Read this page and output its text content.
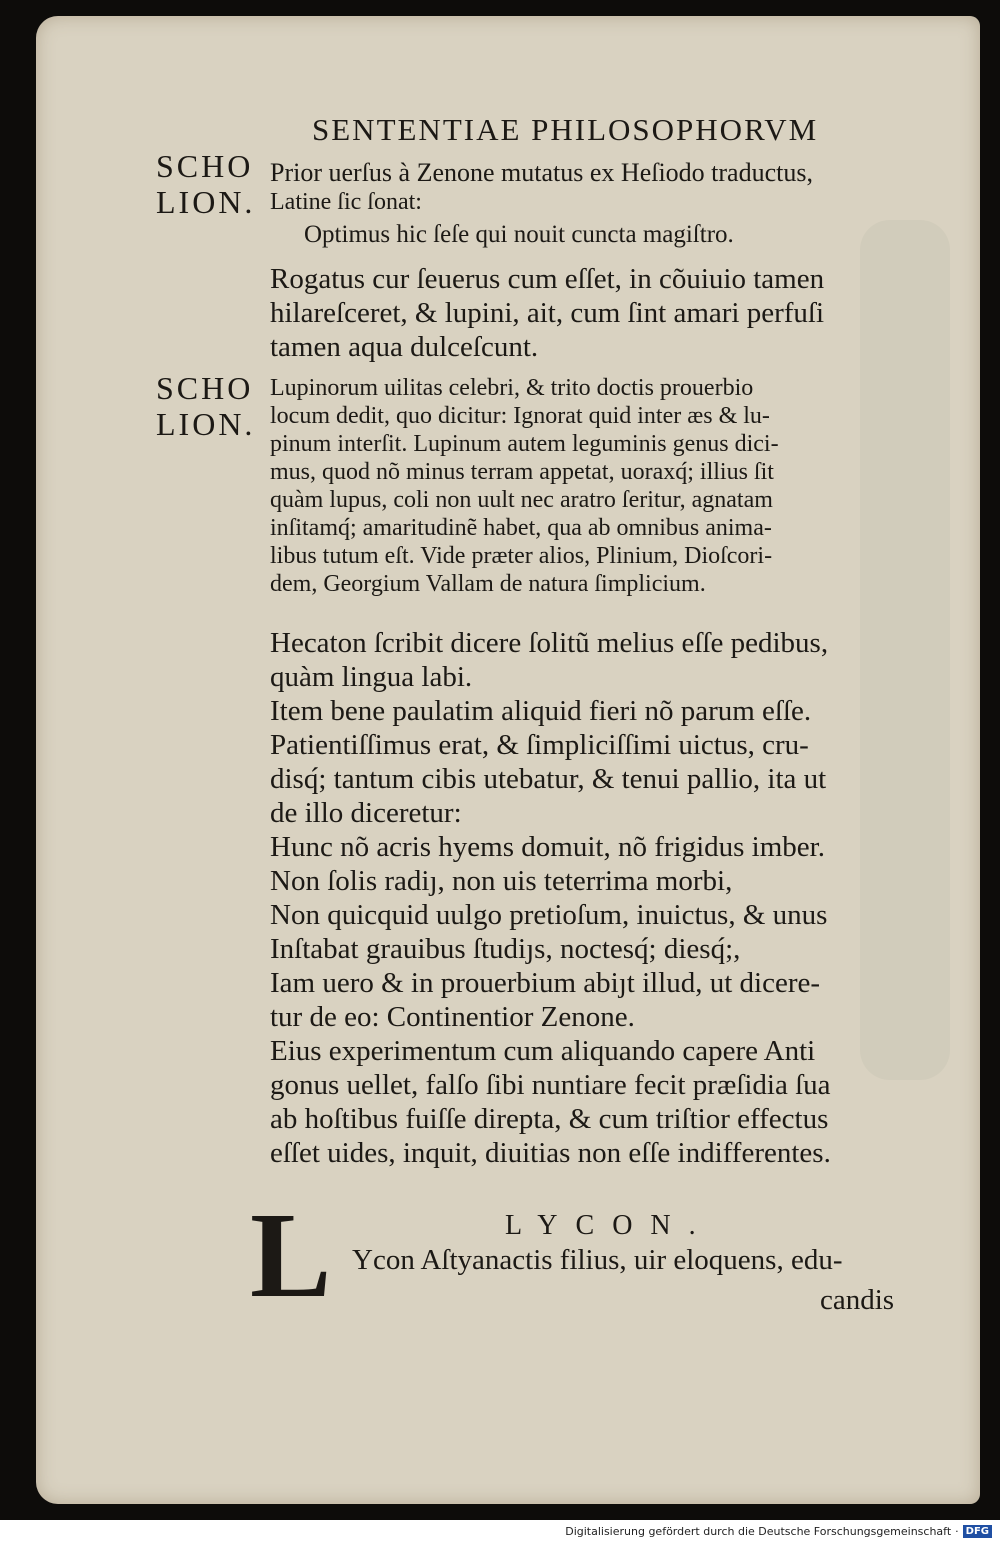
SENTENTIAE PHILOSOPHORVM
SCHO
LION.
SCHO
LION.
Prior uerſus à Zenone mutatus ex Heſiodo traductus,
Latine ſic ſonat:
Optimus hic ſeſe qui nouit cuncta magiſtro.
Rogatus cur ſeuerus cum eſſet, in cõuiuio tamen
hilareſceret, & lupini, ait, cum ſint amari perfuſi
tamen aqua dulceſcunt.
Lupinorum uilitas celebri, & trito doctis prouerbio
locum dedit, quo dicitur: Ignorat quid inter æs & lu-
pinum interſit. Lupinum autem leguminis genus dici-
mus, quod nõ minus terram appetat, uoraxq́; illius ſit
quàm lupus, coli non uult nec aratro ſeritur, agnatam
inſitamq́; amaritudinẽ habet, qua ab omnibus anima-
libus tutum eſt. Vide præter alios, Plinium, Dioſcori-
dem, Georgium Vallam de natura ſimplicium.
Hecaton ſcribit dicere ſolitũ melius eſſe pedibus,
quàm lingua labi.
Item bene paulatim aliquid fieri nõ parum eſſe.
Patientiſſimus erat, & ſimpliciſſimi uictus, cru-
disq́; tantum cibis utebatur, & tenui pallio, ita ut
de illo diceretur:
Hunc nõ acris hyems domuit, nõ frigidus imber.
Non ſolis radiȷ, non uis teterrima morbi,
Non quicquid uulgo pretioſum, inuictus, & unus
Inſtabat grauibus ſtudiȷs, noctesq́; diesq́;,
Iam uero & in prouerbium abiȷt illud, ut dicere-
tur de eo: Continentior Zenone.
Eius experimentum cum aliquando capere Anti
gonus uellet, falſo ſibi nuntiare fecit præſidia ſua
ab hoſtibus fuiſſe direpta, & cum triſtior effectus
eſſet uides, inquit, diuitias non eſſe indifferentes.
LYCON.
L Ycon Aſtyanactis filius, uir eloquens, edu-
candis
Digitalisierung gefördert durch die Deutsche Forschungsgemeinschaft · DFG
